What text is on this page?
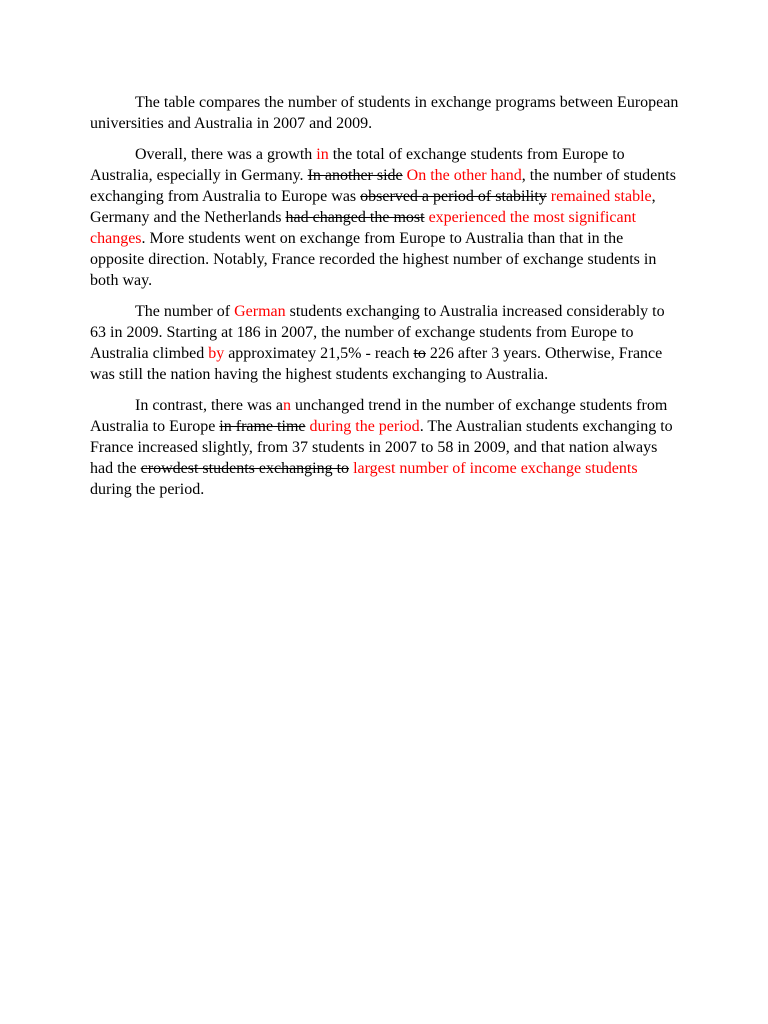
The table compares the number of students in exchange programs between European universities and Australia in 2007 and 2009.

Overall, there was a growth in the total of exchange students from Europe to Australia, especially in Germany. In another side On the other hand, the number of students exchanging from Australia to Europe was observed a period of stability remained stable, Germany and the Netherlands had changed the most experienced the most significant changes. More students went on exchange from Europe to Australia than that in the opposite direction. Notably, France recorded the highest number of exchange students in both way.

The number of German students exchanging to Australia increased considerably to 63 in 2009. Starting at 186 in 2007, the number of exchange students from Europe to Australia climbed by approximatey 21,5% - reach to 226 after 3 years. Otherwise, France was still the nation having the highest students exchanging to Australia.

In contrast, there was an unchanged trend in the number of exchange students from Australia to Europe in frame time during the period. The Australian students exchanging to France increased slightly, from 37 students in 2007 to 58 in 2009, and that nation always had the crowdest students exchanging to largest number of income exchange students during the period.
